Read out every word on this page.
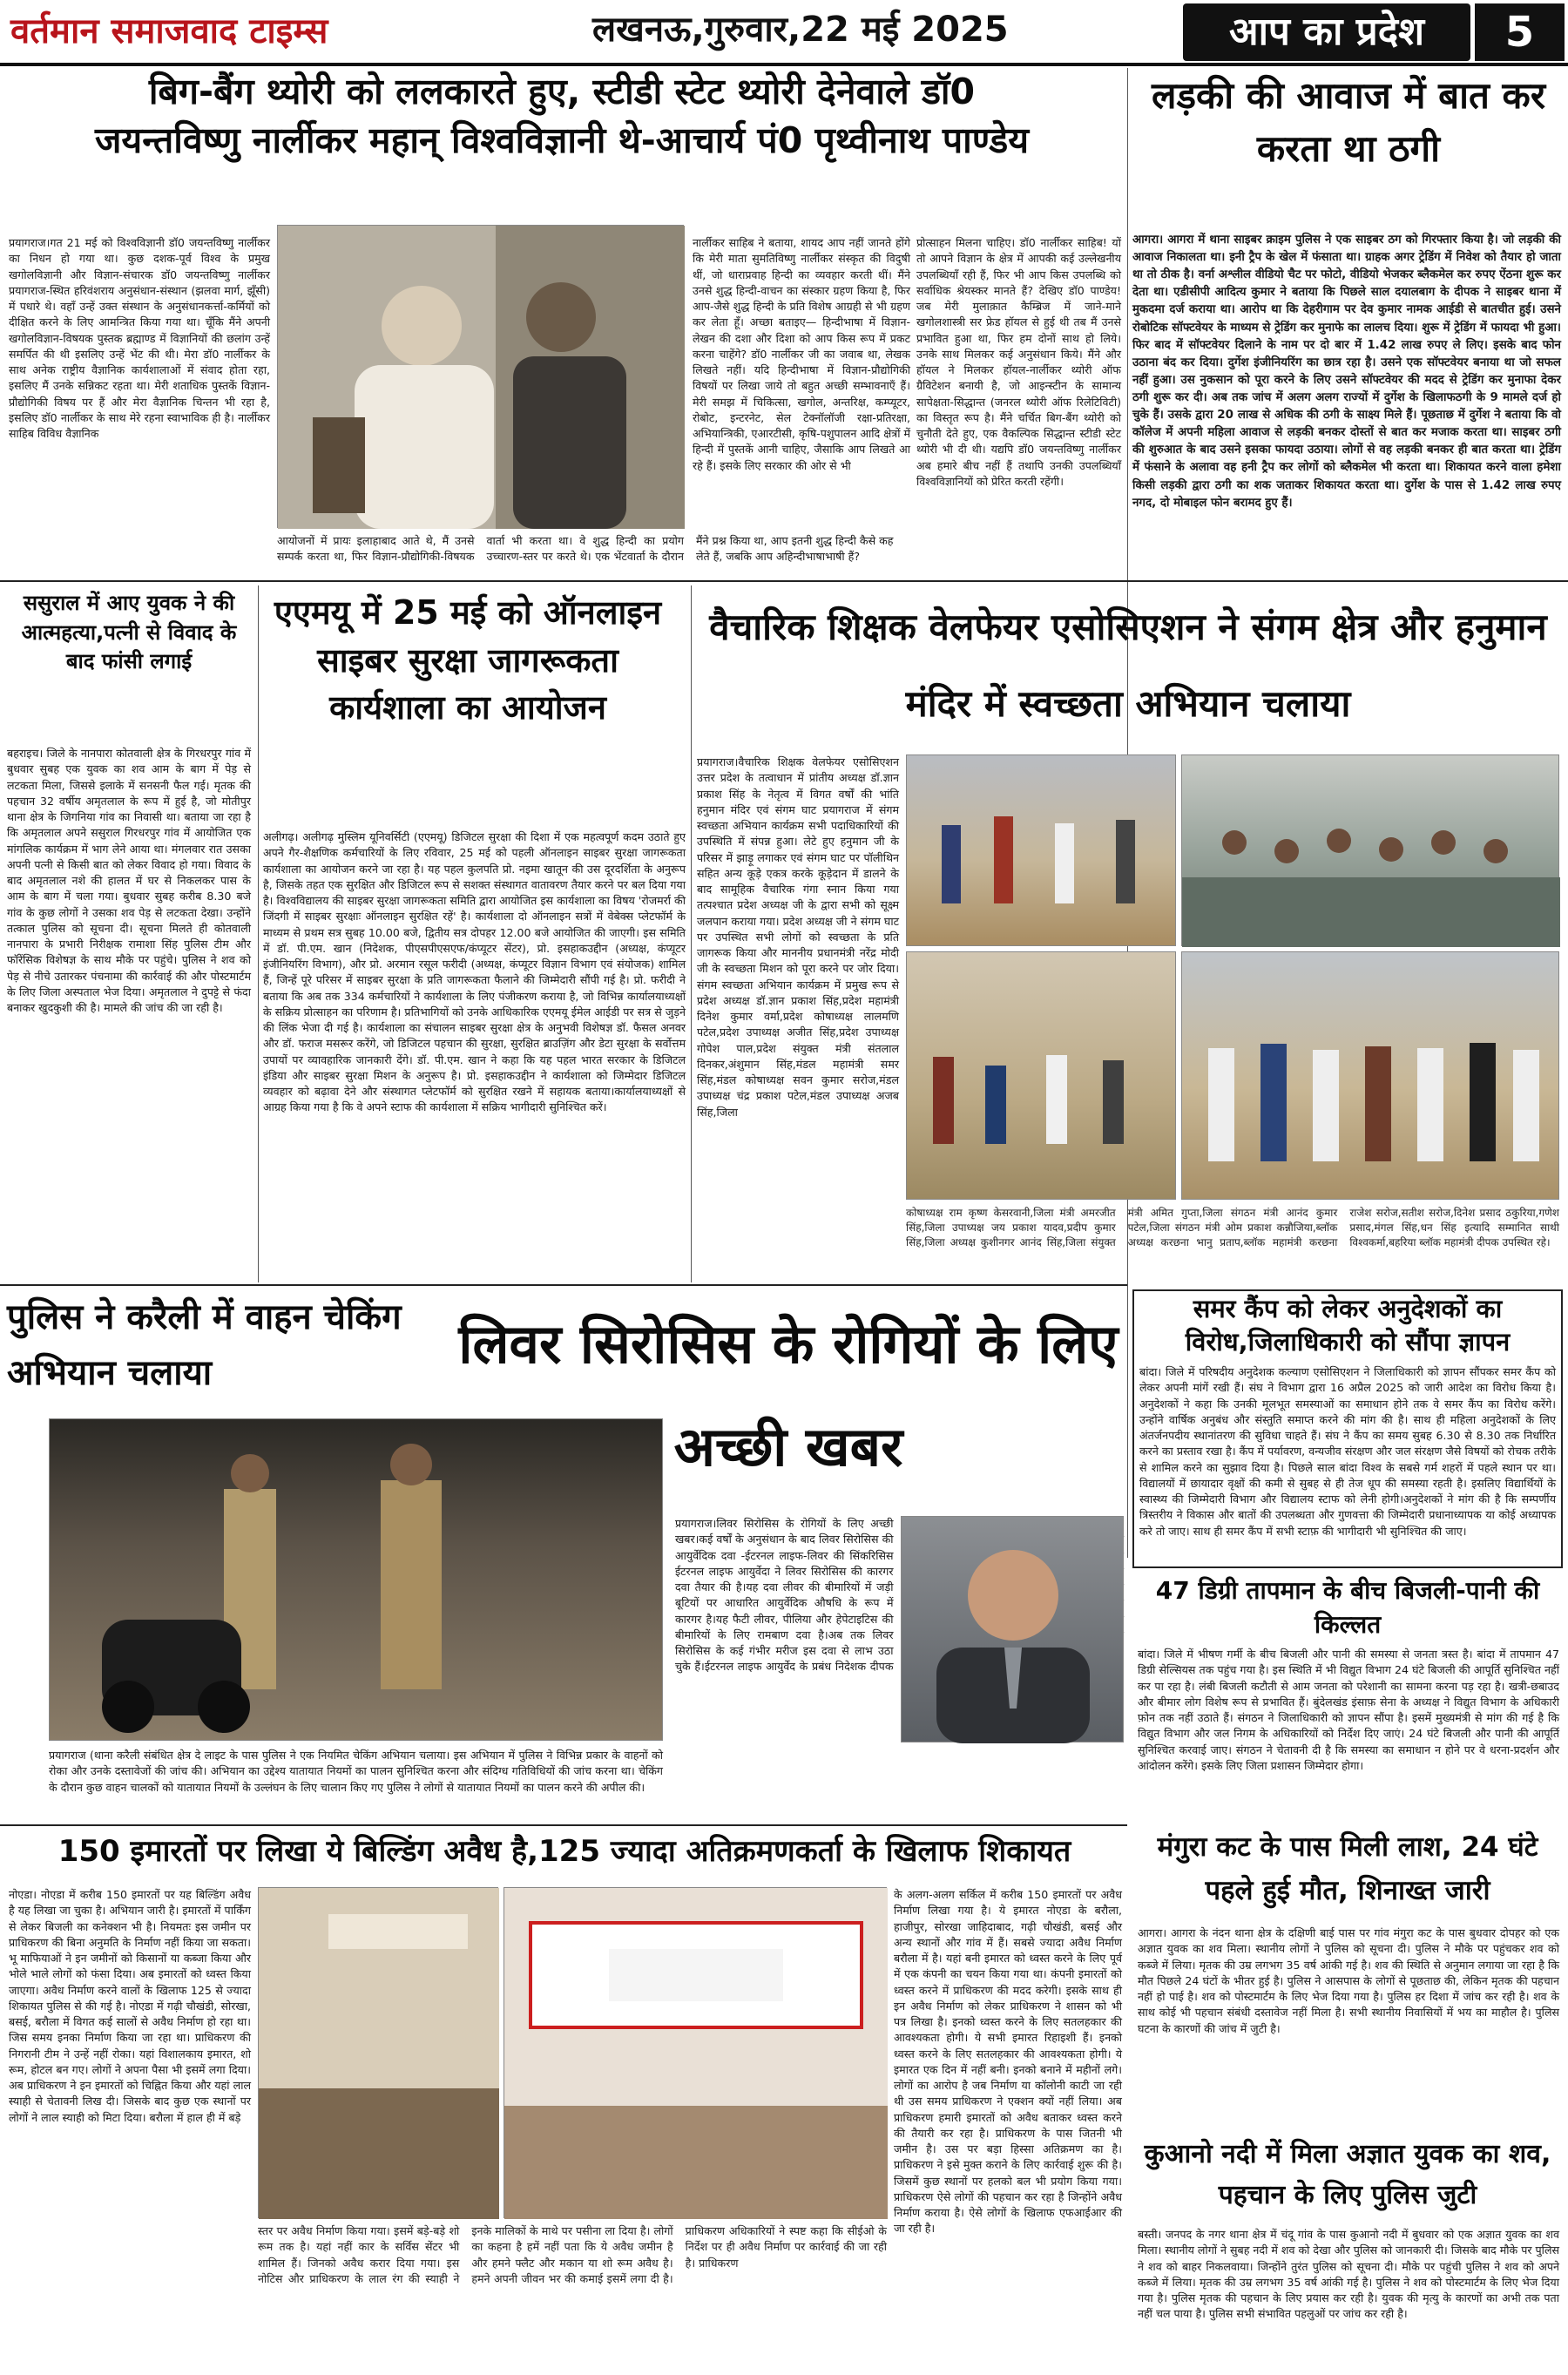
वर्तमान समाजवाद टाइम्स	लखनऊ,गुरुवार,22 मई 2025	आप का प्रदेश	5
बिग-बैंग थ्योरी को ललकारते हुए, स्टीडी स्टेट थ्योरी देनेवाले डॉ0
जयन्तविष्णु नार्लीकर महान् विश्वविज्ञानी थे-आचार्य पं0 पृथ्वीनाथ पाण्डेय
प्रयागराज।गत 21 मई को विश्वविज्ञानी डॉ0 जयन्तविष्णु नार्लीकर का निधन हो गया था। कुछ दशक-पूर्व विश्व के प्रमुख खगोलविज्ञानी और विज्ञान-संचारक डॉ0 जयन्तविष्णु नार्लीकर प्रयागराज-स्थित हरिवंशराय अनुसंधान-संस्थान (झलवा मार्ग, झूँसी) में पधारे थे। वहाँ उन्हें उक्त संस्थान के अनुसंधानकर्त्ता-कर्मियों को दीक्षित करने के लिए आमन्त्रित किया गया था। चूँकि मैंने अपनी खगोलविज्ञान-विषयक पुस्तक ब्रह्माण्ड में विज्ञानियों की छलांग उन्हें समर्पित की थी इसलिए उन्हें भेंट की थी। मेरा डॉ0 नार्लीकर के साथ अनेक राष्ट्रीय वैज्ञानिक कार्यशालाओं में संवाद होता रहा, इसलिए मैं उनके सन्निकट रहता था। मेरी शताधिक पुस्तकें विज्ञान-प्रौद्योगिकी विषय पर हैं और मेरा वैज्ञानिक चिन्तन भी रहा है, इसलिए डॉ0 नार्लीकर के साथ मेरे रहना स्वाभाविक ही है। नार्लीकर साहिब विविध वैज्ञानिक
आयोजनों में प्रायः इलाहाबाद आते थे, मैं उनसे सम्पर्क करता था, फिर विज्ञान-प्रौद्योगिकी-विषयक वार्ता भी करता था। वे शुद्ध हिन्दी का प्रयोग उच्चारण-स्तर पर करते थे। एक भेंटवार्ता के दौरान मैंने प्रश्न किया था, आप इतनी शुद्ध हिन्दी कैसे कह लेते हैं, जबकि आप अहिन्दीभाषाभाषी हैं?
नार्लीकर साहिब ने बताया, शायद आप नहीं जानते होंगे कि मेरी माता सुमतिविष्णु नार्लीकर संस्कृत की विदुषी थीं, जो धाराप्रवाह हिन्दी का व्यवहार करती थीं। मैंने उनसे शुद्ध हिन्दी-वाचन का संस्कार ग्रहण किया है, फिर आप-जैसे शुद्ध हिन्दी के प्रति विशेष आग्रही से भी ग्रहण कर लेता हूँ। अच्छा बताइए— हिन्दीभाषा में विज्ञान-लेखन की दशा और दिशा को आप किस रूप में प्रकट करना चाहेंगे? डॉ0 नार्लीकर जी का जवाब था, लेखक लिखते नहीं। यदि हिन्दीभाषा में विज्ञान-प्रौद्योगिकी विषयों पर लिखा जाये तो बहुत अच्छी सम्भावनाएँ हैं। मेरी समझ में चिकित्सा, खगोल, अन्तरिक्ष, कम्प्यूटर, रोबोट, इन्टरनेट, सेल टेक्नॉलॉजी रक्षा-प्रतिरक्षा, अभियान्त्रिकी, एआरटीसी, कृषि-पशुपालन आदि क्षेत्रों में हिन्दी में पुस्तकें आनी चाहिए, जैसाकि आप लिखते आ रहे हैं। इसके लिए सरकार की ओर से भी
प्रोत्साहन मिलना चाहिए। डॉ0 नार्लीकर साहिब! यों तो आपने विज्ञान के क्षेत्र में आपकी कई उल्लेखनीय उपलब्धियाँ रही हैं, फिर भी आप किस उपलब्धि को सर्वाधिक श्रेयस्कर मानते हैं? देखिए डॉ0 पाण्डेय! जब मेरी मुलाक़ात कैम्ब्रिज में जाने-माने खगोलशास्त्री सर फ्रेड हॉयल से हुई थी तब मैं उनसे प्रभावित हुआ था, फिर हम दोनों साथ हो लिये। उनके साथ मिलकर कई अनुसंधान किये। मैंने और हॉयल ने मिलकर हॉयल-नार्लीकर थ्योरी ऑफ ग्रैविटेशन बनायी है, जो आइन्स्टीन के सामान्य सापेक्षता-सिद्धान्त (जनरल थ्योरी ऑफ रिलेटिविटी) का विस्तृत रूप है। मैंने चर्चित बिग-बैंग थ्योरी को चुनौती देते हुए, एक वैकल्पिक सिद्धान्त स्टीडी स्टेट थ्योरी भी दी थी। यद्यपि डॉ0 जयन्तविष्णु नार्लीकर अब हमारे बीच नहीं हैं तथापि उनकी उपलब्धियाँ विश्वविज्ञानियों को प्रेरित करती रहेंगी।
लड़की की आवाज में बात कर करता था ठगी
आगरा। आगरा में थाना साइबर क्राइम पुलिस ने एक साइबर ठग को गिरफ्तार किया है। जो लड़की की आवाज निकालता था। इनी ट्रैप के खेल में फंसाता था। ग्राहक अगर ट्रेडिंग में निवेश को तैयार हो जाता था तो ठीक है। वर्ना अश्लील वीडियो चैट पर फोटो, वीडियो भेजकर ब्लैकमेल कर रुपए ऐंठना शुरू कर देता था। एडीसीपी आदित्य कुमार ने बताया कि पिछले साल दयालबाग के दीपक ने साइबर थाना में मुकदमा दर्ज कराया था। आरोप था कि देहरीगाम पर देव कुमार नामक आईडी से बातचीत हुई। उसने रोबोटिक सॉफ्टवेयर के माध्यम से ट्रेडिंग कर मुनाफे का लालच दिया। शुरू में ट्रेडिंग में फायदा भी हुआ। फिर बाद में सॉफ्टवेयर दिलाने के नाम पर दो बार में 1.42 लाख रुपए ले लिए। इसके बाद फोन उठाना बंद कर दिया। दुर्गेश इंजीनियरिंग का छात्र रहा है। उसने एक सॉफ्टवेयर बनाया था जो सफल नहीं हुआ। उस नुकसान को पूरा करने के लिए उसने सॉफ्टवेयर की मदद से ट्रेडिंग कर मुनाफा देकर ठगी शुरू कर दी। अब तक जांच में अलग अलग राज्यों में दुर्गेश के खिलाफठगी के 9 मामले दर्ज हो चुके हैं। उसके द्वारा 20 लाख से अधिक की ठगी के साक्ष्य मिले हैं। पूछताछ में दुर्गेश ने बताया कि वो कॉलेज में अपनी महिला आवाज से लड़की बनकर दोस्तों से बात कर मजाक करता था। साइबर ठगी की शुरुआत के बाद उसने इसका फायदा उठाया। लोगों से वह लड़की बनकर ही बात करता था। ट्रेडिंग में फंसाने के अलावा वह हनी ट्रैप कर लोगों को ब्लैकमेल भी करता था। शिकायत करने वाला हमेशा किसी लड़की द्वारा ठगी का शक जताकर शिकायत करता था। दुर्गेश के पास से 1.42 लाख रुपए नगद, दो मोबाइल फोन बरामद हुए हैं।
ससुराल में आए युवक ने की आत्महत्या,पत्नी से विवाद के बाद फांसी लगाई
बहराइच। जिले के नानपारा कोतवाली क्षेत्र के गिरधरपुर गांव में बुधवार सुबह एक युवक का शव आम के बाग में पेड़ से लटकता मिला, जिससे इलाके में सनसनी फैल गई। मृतक की पहचान 32 वर्षीय अमृतलाल के रूप में हुई है, जो मोतीपुर थाना क्षेत्र के जिगनिया गांव का निवासी था। बताया जा रहा है कि अमृतलाल अपने ससुराल गिरधरपुर गांव में आयोजित एक मांगलिक कार्यक्रम में भाग लेने आया था। मंगलवार रात उसका अपनी पत्नी से किसी बात को लेकर विवाद हो गया। विवाद के बाद अमृतलाल नशे की हालत में घर से निकलकर पास के आम के बाग में चला गया। बुधवार सुबह करीब 8.30 बजे गांव के कुछ लोगों ने उसका शव पेड़ से लटकता देखा। उन्होंने तत्काल पुलिस को सूचना दी। सूचना मिलते ही कोतवाली नानपारा के प्रभारी निरीक्षक रामाशा सिंह पुलिस टीम और फॉरेंसिक विशेषज्ञ के साथ मौके पर पहुंचे। पुलिस ने शव को पेड़ से नीचे उतारकर पंचनामा की कार्रवाई की और पोस्टमार्टम के लिए जिला अस्पताल भेज दिया। अमृतलाल ने दुपट्टे से फंदा बनाकर खुदकुशी की है। मामले की जांच की जा रही है।
एएमयू में 25 मई को ऑनलाइन साइबर सुरक्षा जागरूकता कार्यशाला का आयोजन
अलीगढ़। अलीगढ़ मुस्लिम यूनिवर्सिटी (एएमयू) डिजिटल सुरक्षा की दिशा में एक महत्वपूर्ण कदम उठाते हुए अपने गैर-शैक्षणिक कर्मचारियों के लिए रविवार, 25 मई को पहली ऑनलाइन साइबर सुरक्षा जागरूकता कार्यशाला का आयोजन करने जा रहा है। यह पहल कुलपति प्रो. नइमा खातून की उस दूरदर्शिता के अनुरूप है, जिसके तहत एक सुरक्षित और डिजिटल रूप से सशक्त संस्थागत वातावरण तैयार करने पर बल दिया गया है। विश्वविद्यालय की साइबर सुरक्षा जागरूकता समिति द्वारा आयोजित इस कार्यशाला का विषय 'रोजमर्रा की जिंदगी में साइबर सुरक्षाः ऑनलाइन सुरक्षित रहें' है। कार्यशाला दो ऑनलाइन सत्रों में वेबेक्स प्लेटफॉर्म के माध्यम से प्रथम सत्र सुबह 10.00 बजे, द्वितीय सत्र दोपहर 12.00 बजे आयोजित की जाएगी। इस समिति में डॉ. पी.एम. खान (निदेशक, पीएसपीएसएफ/कंप्यूटर सेंटर), प्रो. इसहाकउद्दीन (अध्यक्ष, कंप्यूटर इंजीनियरिंग विभाग), और प्रो. अरमान रसूल फरीदी (अध्यक्ष, कंप्यूटर विज्ञान विभाग एवं संयोजक) शामिल हैं, जिन्हें पूरे परिसर में साइबर सुरक्षा के प्रति जागरूकता फैलाने की जिम्मेदारी सौंपी गई है। प्रो. फरीदी ने बताया कि अब तक 334 कर्मचारियों ने कार्यशाला के लिए पंजीकरण कराया है, जो विभिन्न कार्यालयाध्यक्षों के सक्रिय प्रोत्साहन का परिणाम है। प्रतिभागियों को उनके आधिकारिक एएमयू ईमेल आईडी पर सत्र से जुड़ने की लिंक भेजा दी गई है। कार्यशाला का संचालन साइबर सुरक्षा क्षेत्र के अनुभवी विशेषज्ञ डॉ. फैसल अनवर और डॉ. फराज मसरूर करेंगे, जो डिजिटल पहचान की सुरक्षा, सुरक्षित ब्राउज़िंग और डेटा सुरक्षा के सर्वोत्तम उपायों पर व्यावहारिक जानकारी देंगे। डॉ. पी.एम. खान ने कहा कि यह पहल भारत सरकार के डिजिटल इंडिया और साइबर सुरक्षा मिशन के अनुरूप है। प्रो. इसहाकउद्दीन ने कार्यशाला को जिम्मेदार डिजिटल व्यवहार को बढ़ावा देने और संस्थागत प्लेटफॉर्म को सुरक्षित रखने में सहायक बताया।कार्यालयाध्यक्षों से आग्रह किया गया है कि वे अपने स्टाफ की कार्यशाला में सक्रिय भागीदारी सुनिश्चित करें।
वैचारिक शिक्षक वेलफेयर एसोसिएशन ने संगम क्षेत्र और हनुमान मंदिर में स्वच्छता अभियान चलाया
प्रयागराज।वैचारिक शिक्षक वेलफेयर एसोसिएशन उत्तर प्रदेश के तत्वाधान में प्रांतीय अध्यक्ष डॉ.ज्ञान प्रकाश सिंह के नेतृत्व में विगत वर्षों की भांति हनुमान मंदिर एवं संगम घाट प्रयागराज में संगम स्वच्छता अभियान कार्यक्रम सभी पदाधिकारियों की उपस्थिति में संपन्न हुआ। लेटे हुए हनुमान जी के परिसर में झाड़ू लगाकर एवं संगम घाट पर पॉलीथिन सहित अन्य कूड़े एकत्र करके कूड़ेदान में डालने के बाद सामूहिक वैचारिक गंगा स्नान किया गया तत्पश्चात प्रदेश अध्यक्ष जी के द्वारा सभी को सूक्ष्म जलपान कराया गया। प्रदेश अध्यक्ष जी ने संगम घाट पर उपस्थित सभी लोगों को स्वच्छता के प्रति जागरूक किया और माननीय प्रधानमंत्री नरेंद्र मोदी जी के स्वच्छता मिशन को पूरा करने पर जोर दिया। संगम स्वच्छता अभियान कार्यक्रम में प्रमुख रूप से प्रदेश अध्यक्ष डॉ.ज्ञान प्रकाश सिंह,प्रदेश महामंत्री दिनेश कुमार वर्मा,प्रदेश कोषाध्यक्ष लालमणि पटेल,प्रदेश उपाध्यक्ष अजीत सिंह,प्रदेश उपाध्यक्ष गोपेश पाल,प्रदेश संयुक्त मंत्री संतलाल दिनकर,अंशुमान सिंह,मंडल महामंत्री समर सिंह,मंडल कोषाध्यक्ष सवन कुमार सरोज,मंडल उपाध्यक्ष चंद्र प्रकाश पटेल,मंडल उपाध्यक्ष अजब सिंह,जिला
कोषाध्यक्ष राम कृष्ण केसरवानी,जिला मंत्री अमरजीत सिंह,जिला उपाध्यक्ष जय प्रकाश यादव,प्रदीप कुमार सिंह,जिला अध्यक्ष कुशीनगर आनंद सिंह,जिला संयुक्त मंत्री अमित गुप्ता,जिला संगठन मंत्री आनंद कुमार पटेल,जिला संगठन मंत्री ओम प्रकाश कन्नौजिया,ब्लॉक अध्यक्ष करछना भानु प्रताप,ब्लॉक महामंत्री करछना राजेश सरोज,सतीश सरोज,दिनेश प्रसाद ठकुरिया,गणेश प्रसाद,मंगल सिंह,धन सिंह इत्यादि सम्मानित साथी विश्वकर्मा,बहरिया ब्लॉक महामंत्री दीपक उपस्थित रहे।
पुलिस ने करैली में वाहन चेकिंग अभियान चलाया
प्रयागराज (थाना करैली संबंधित क्षेत्र दे लाइट के पास पुलिस ने एक नियमित चेकिंग अभियान चलाया। इस अभियान में पुलिस ने विभिन्न प्रकार के वाहनों को रोका और उनके दस्तावेजों की जांच की। अभियान का उद्देश्य यातायात नियमों का पालन सुनिश्चित करना और संदिग्ध गतिविधियों की जांच करना था। चेकिंग के दौरान कुछ वाहन चालकों को यातायात नियमों के उल्लंघन के लिए चालान किए गए पुलिस ने लोगों से यातायात नियमों का पालन करने की अपील की।
लिवर सिरोसिस के रोगियों के लिए अच्छी खबर
प्रयागराज।लिवर सिरोसिस के रोगियों के लिए अच्छी खबर।कई वर्षों के अनुसंधान के बाद लिवर सिरोसिस की आयुर्वेदिक दवा -ईटरनल लाइफ-लिवर की सिंकरिसिस ईटरनल लाइफ आयुर्वेदा ने लिवर सिरोसिस की कारगर दवा तैयार की है।यह दवा लीवर की बीमारियों में जड़ी बूटियों पर आधारित आयुर्वेदिक औषधि के रूप में कारगर है।यह फैटी लीवर, पीलिया और हेपेटाइटिस की बीमारियों के लिए रामबाण दवा है।अब तक लिवर सिरोसिस के कई गंभीर मरीज इस दवा से लाभ उठा चुके हैं।ईटरनल लाइफ आयुर्वेद के प्रबंध निदेशक दीपक
समर कैंप को लेकर अनुदेशकों का विरोध,जिलाधिकारी को सौंपा ज्ञापन
बांदा। जिले में परिषदीय अनुदेशक कल्याण एसोसिएशन ने जिलाधिकारी को ज्ञापन सौंपकर समर कैंप को लेकर अपनी मांगें रखी हैं। संघ ने विभाग द्वारा 16 अप्रैल 2025 को जारी आदेश का विरोध किया है। अनुदेशकों ने कहा कि उनकी मूलभूत समस्याओं का समाधान होने तक वे समर कैंप का विरोध करेंगे। उन्होंने वार्षिक अनुबंध और संस्तुति समाप्त करने की मांग की है। साथ ही महिला अनुदेशकों के लिए अंतर्जनपदीय स्थानांतरण की सुविधा चाहते हैं। संघ ने कैंप का समय सुबह 6.30 से 8.30 तक निर्धारित करने का प्रस्ताव रखा है। कैंप में पर्यावरण, वन्यजीव संरक्षण और जल संरक्षण जैसे विषयों को रोचक तरीके से शामिल करने का सुझाव दिया है। पिछले साल बांदा विश्व के सबसे गर्म शहरों में पहले स्थान पर था। विद्यालयों में छायादार वृक्षों की कमी से सुबह से ही तेज धूप की समस्या रहती है। इसलिए विद्यार्थियों के स्वास्थ्य की जिम्मेदारी विभाग और विद्यालय स्टाफ को लेनी होगी।अनुदेशकों ने मांग की है कि सम्पर्णीय त्रिस्तरीय ने विकास और बातों की उपलब्धता और गुणवत्ता की जिम्मेदारी प्रधानाध्यापक या कोई अध्यापक करे तो जाए। साथ ही समर कैंप में सभी स्टाफ़ की भागीदारी भी सुनिश्चित की जाए।
47 डिग्री तापमान के बीच बिजली-पानी की किल्लत
बांदा। जिले में भीषण गर्मी के बीच बिजली और पानी की समस्या से जनता त्रस्त है। बांदा में तापमान 47 डिग्री सेल्सियस तक पहुंच गया है। इस स्थिति में भी विद्युत विभाग 24 घंटे बिजली की आपूर्ति सुनिश्चित नहीं कर पा रहा है। लंबी बिजली कटौती से आम जनता को परेशानी का सामना करना पड़ रहा है। खत्री-छबाउद और बीमार लोग विशेष रूप से प्रभावित हैं। बुंदेलखंड इंसाफ़ सेना के अध्यक्ष ने विद्युत विभाग के अधिकारी फ़ोन तक नहीं उठाते हैं। संगठन ने जिलाधिकारी को ज्ञापन सौंपा है। इसमें मुख्यमंत्री से मांग की गई है कि विद्युत विभाग और जल निगम के अधिकारियों को निर्देश दिए जाएं। 24 घंटे बिजली और पानी की आपूर्ति सुनिश्चित करवाई जाए। संगठन ने चेतावनी दी है कि समस्या का समाधान न होने पर वे धरना-प्रदर्शन और आंदोलन करेंगे। इसके लिए जिला प्रशासन जिम्मेदार होगा।
150 इमारतों पर लिखा ये बिल्डिंग अवैध है,125 ज्यादा अतिक्रमणकर्ता के खिलाफ शिकायत
नोएडा। नोएडा में करीब 150 इमारतों पर यह बिल्डिंग अवैध है यह लिखा जा चुका है। अभियान जारी है। इमारतों में पार्किंग से लेकर बिजली का कनेक्शन भी है। नियमतः इस जमीन पर प्राधिकरण की बिना अनुमति के निर्माण नहीं किया जा सकता। भू माफियाओं ने इन जमीनों को किसानों या कब्जा किया और भोले भाले लोगों को फंसा दिया। अब इमारतों को ध्वस्त किया जाएगा। अवैध निर्माण करने वालों के खिलाफ 125 से ज्यादा शिकायत पुलिस से की गई है। नोएडा में गढ़ी चौखंडी, सोरखा, बसई, बरौला में विगत कई सालों से अवैध निर्माण हो रहा था। जिस समय इनका निर्माण किया जा रहा था। प्राधिकरण की निगरानी टीम ने उन्हें नहीं रोका। यहां विशालकाय इमारत, शो रूम, होटल बन गए। लोगों ने अपना पैसा भी इसमें लगा दिया। अब प्राधिकरण ने इन इमारतों को चिह्नित किया और यहां लाल स्याही से चेतावनी लिख दी। जिसके बाद कुछ एक स्थानों पर लोगों ने लाल स्याही को मिटा दिया। बरौला में हाल ही में बड़े
स्तर पर अवैध निर्माण किया गया। इसमें बड़े-बड़े शो रूम तक है। यहां नहीं कार के सर्विस सेंटर भी शामिल हैं। जिनको अवैध करार दिया गया। इस नोटिस और प्राधिकरण के लाल रंग की स्याही ने इनके मालिकों के माथे पर पसीना ला दिया है। लोगों का कहना है हमें नहीं पता कि ये अवैध जमीन है और हमने फ्लैट और मकान या शो रूम अवैध है। हमने अपनी जीवन भर की कमाई इसमें लगा दी है। प्राधिकरण अधिकारियों ने स्पष्ट कहा कि सीईओ के निर्देश पर ही अवैध निर्माण पर कार्रवाई की जा रही है। प्राधिकरण
के अलग-अलग सर्किल में करीब 150 इमारतों पर अवैध निर्माण लिखा गया है। ये इमारत नोएडा के बरौला, हाजीपुर, सोरखा जाहिदाबाद, गढ़ी चौखंडी, बसई और अन्य स्थानों और गांव में हैं। सबसे ज्यादा अवैध निर्माण बरौला में है। यहां बनी इमारत को ध्वस्त करने के लिए पूर्व में एक कंपनी का चयन किया गया था। कंपनी इमारतों को ध्वस्त करने में प्राधिकरण की मदद करेगी। इसके साथ ही इन अवैध निर्माण को लेकर प्राधिकरण ने शासन को भी पत्र लिखा है। इनको ध्वस्त करने के लिए सतलहकार की आवश्यकता होगी। ये सभी इमारत रिहाइशी हैं। इनको ध्वस्त करने के लिए सतलहकार की आवश्यकता होगी। ये इमारत एक दिन में नहीं बनी। इनको बनाने में महीनों लगे। लोगों का आरोप है जब निर्माण या कॉलोनी काटी जा रही थी उस समय प्राधिकरण ने एक्शन क्यों नहीं लिया। अब प्राधिकरण हमारी इमारतों को अवैध बताकर ध्वस्त करने की तैयारी कर रहा है। प्राधिकरण के पास जितनी भी जमीन है। उस पर बड़ा हिस्सा अतिक्रमण का है। प्राधिकरण ने इसे मुक्त कराने के लिए कार्रवाई शुरू की है। जिसमें कुछ स्थानों पर हलको बल भी प्रयोग किया गया। प्राधिकरण ऐसे लोगों की पहचान कर रहा है जिन्होंने अवैध निर्माण कराया है। ऐसे लोगों के खिलाफ एफआईआर की जा रही है।
मंगुरा कट के पास मिली लाश, 24 घंटे पहले हुई मौत, शिनाख्त जारी
आगरा। आगरा के नंदन थाना क्षेत्र के दक्षिणी बाई पास पर गांव मंगुरा कट के पास बुधवार दोपहर को एक अज्ञात युवक का शव मिला। स्थानीय लोगों ने पुलिस को सूचना दी। पुलिस ने मौके पर पहुंचकर शव को कब्जे में लिया। मृतक की उम्र लगभग 35 वर्ष आंकी गई है। शव की स्थिति से अनुमान लगाया जा रहा है कि मौत पिछले 24 घंटों के भीतर हुई है। पुलिस ने आसपास के लोगों से पूछताछ की, लेकिन मृतक की पहचान नहीं हो पाई है। शव को पोस्टमार्टम के लिए भेज दिया गया है। पुलिस हर दिशा में जांच कर रही है। शव के साथ कोई भी पहचान संबंधी दस्तावेज नहीं मिला है। सभी स्थानीय निवासियों में भय का माहौल है। पुलिस घटना के कारणों की जांच में जुटी है।
कुआनो नदी में मिला अज्ञात युवक का शव, पहचान के लिए पुलिस जुटी
बस्ती। जनपद के नगर थाना क्षेत्र में चंदू गांव के पास कुआनो नदी में बुधवार को एक अज्ञात युवक का शव मिला। स्थानीय लोगों ने सुबह नदी में शव को देखा और पुलिस को जानकारी दी। जिसके बाद मौके पर पुलिस ने शव को बाहर निकलवाया। जिन्होंने तुरंत पुलिस को सूचना दी। मौके पर पहुंची पुलिस ने शव को अपने कब्जे में लिया। मृतक की उम्र लगभग 35 वर्ष आंकी गई है। पुलिस ने शव को पोस्टमार्टम के लिए भेज दिया गया है। पुलिस मृतक की पहचान के लिए प्रयास कर रही है। युवक की मृत्यु के कारणों का अभी तक पता नहीं चल पाया है। पुलिस सभी संभावित पहलुओं पर जांच कर रही है।
